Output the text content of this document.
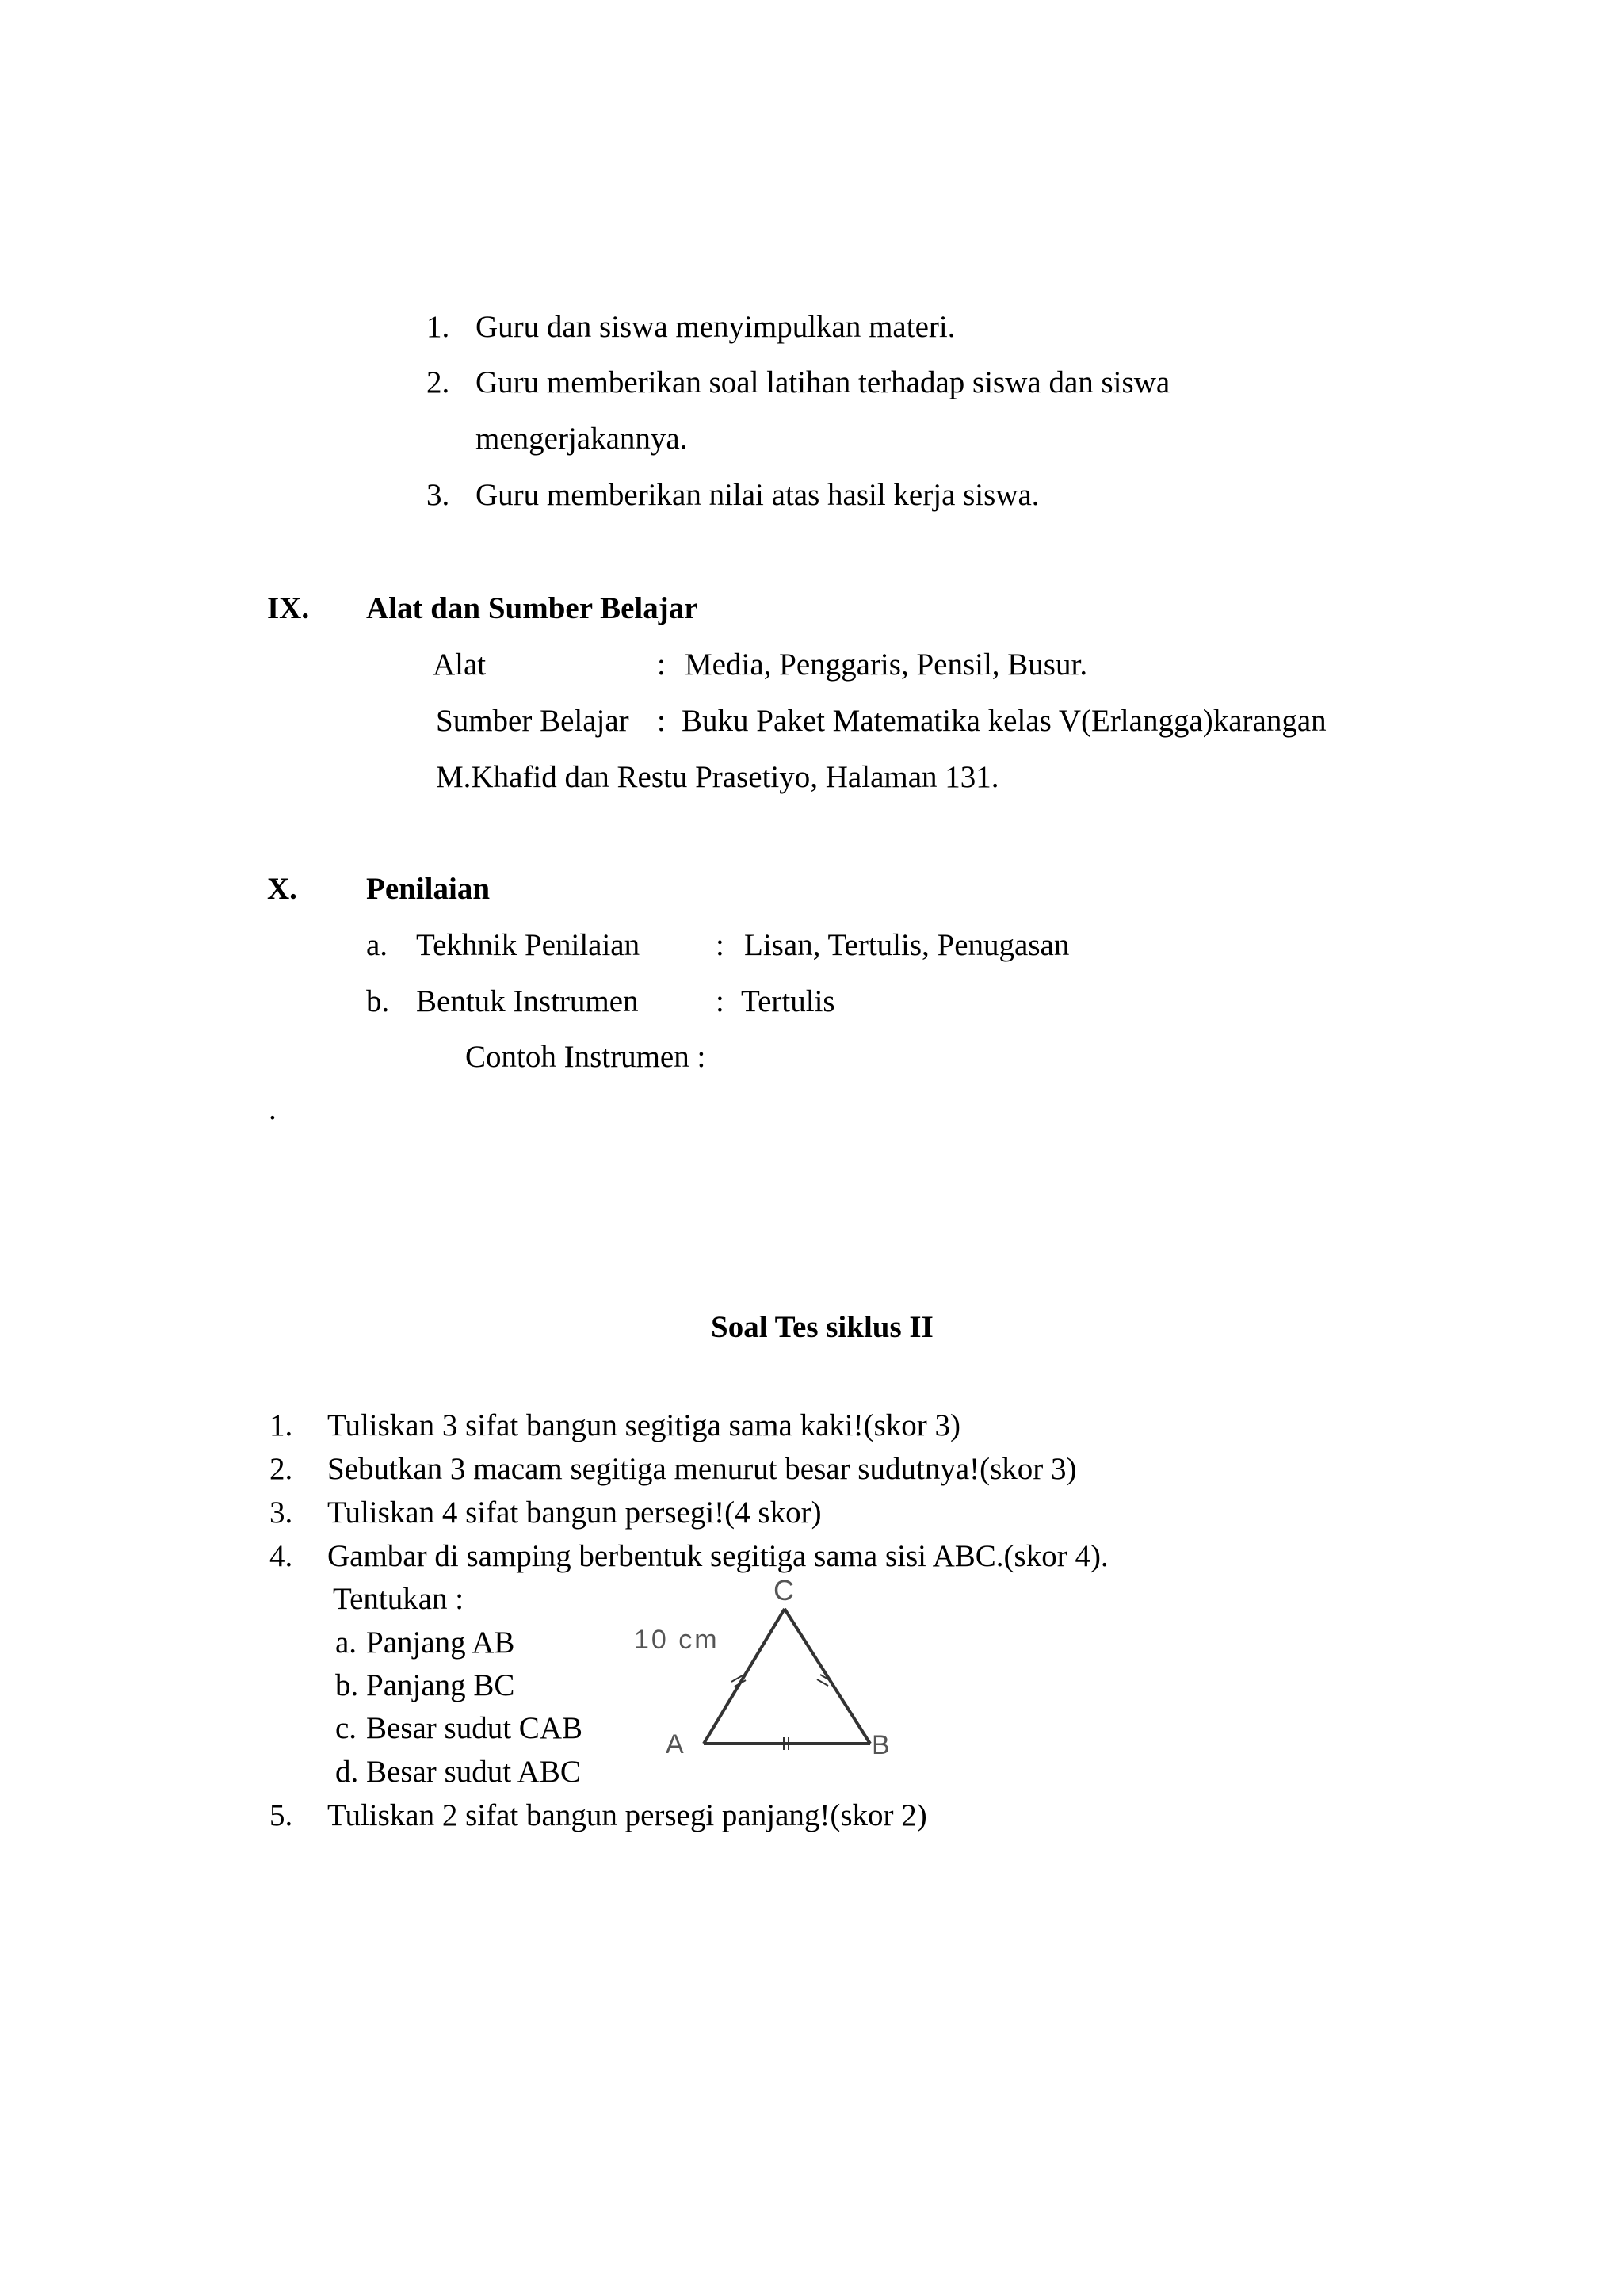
1. Guru dan siswa menyimpulkan materi.
2. Guru memberikan soal latihan terhadap siswa dan siswa
mengerjakannya.
3. Guru memberikan nilai atas hasil kerja siswa.
IX. Alat dan Sumber Belajar
Alat	: Media, Penggaris, Pensil, Busur.
Sumber Belajar : Buku Paket Matematika kelas V(Erlangga)karangan
M.Khafid dan Restu Prasetiyo, Halaman 131.
X. Penilaian
a. Tekhnik Penilaian : Lisan, Tertulis, Penugasan
b. Bentuk Instrumen : Tertulis
Contoh Instrumen :
.
Soal Tes siklus II
1. Tuliskan 3 sifat bangun segitiga sama kaki!(skor 3)
2. Sebutkan 3 macam segitiga menurut besar sudutnya!(skor 3)
3. Tuliskan 4 sifat bangun persegi!(4 skor)
4. Gambar di samping berbentuk segitiga sama sisi ABC.(skor 4).
Tentukan :
a. Panjang AB
b. Panjang BC
c. Besar sudut CAB
d. Besar sudut ABC
5. Tuliskan 2 sifat bangun persegi panjang!(skor 2)
C
A	B
10 cm
